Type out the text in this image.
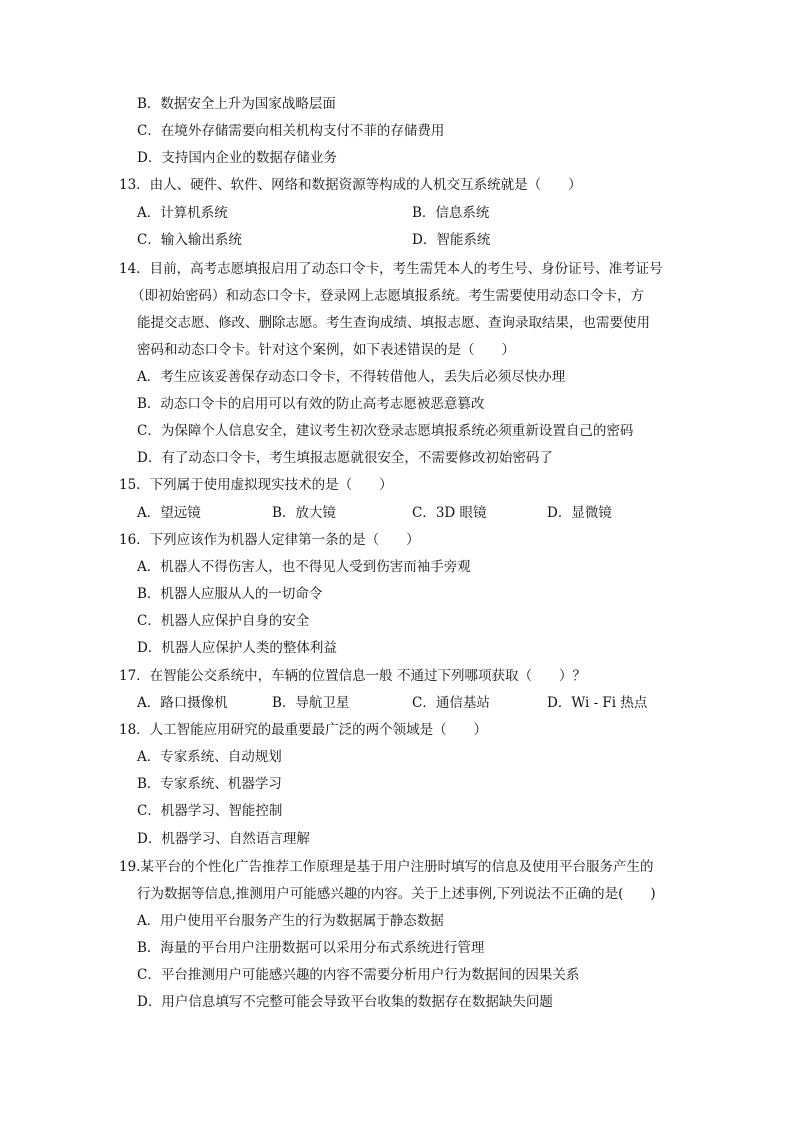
B．数据安全上升为国家战略层面
C．在境外存储需要向相关机构支付不菲的存储费用
D．支持国内企业的数据存储业务
13．由人、硬件、软件、网络和数据资源等构成的人机交互系统就是（　　）
A．计算机系统	B．信息系统
C．输入输出系统	D．智能系统
14．目前，高考志愿填报启用了动态口令卡，考生需凭本人的考生号、身份证号、准考证号
（即初始密码）和动态口令卡，登录网上志愿填报系统。考生需要使用动态口令卡，方
能提交志愿、修改、删除志愿。考生查询成绩、填报志愿、查询录取结果，也需要使用
密码和动态口令卡。针对这个案例，如下表述错误的是（　　）
A．考生应该妥善保存动态口令卡，不得转借他人，丢失后必须尽快办理
B．动态口令卡的启用可以有效的防止高考志愿被恶意篡改
C．为保障个人信息安全，建议考生初次登录志愿填报系统必须重新设置自己的密码
D．有了动态口令卡，考生填报志愿就很安全，不需要修改初始密码了
15．下列属于使用虚拟现实技术的是（　　）
A．望远镜	B．放大镜	C．3D 眼镜	D．显微镜
16．下列应该作为机器人定律第一条的是（　　）
A．机器人不得伤害人，也不得见人受到伤害而袖手旁观
B．机器人应服从人的一切命令
C．机器人应保护自身的安全
D．机器人应保护人类的整体利益
17．在智能公交系统中，车辆的位置信息一般 不通过下列哪项获取（　　）？
A．路口摄像机	B．导航卫星	C．通信基站	D．Wi - Fi 热点
18．人工智能应用研究的最重要最广泛的两个领域是（　　）
A．专家系统、自动规划
B．专家系统、机器学习
C．机器学习、智能控制
D．机器学习、自然语言理解
19.某平台的个性化广告推荐工作原理是基于用户注册时填写的信息及使用平台服务产生的
行为数据等信息,推测用户可能感兴趣的内容。关于上述事例,下列说法不正确的是(　　)
A．用户使用平台服务产生的行为数据属于静态数据
B．海量的平台用户注册数据可以采用分布式系统进行管理
C．平台推测用户可能感兴趣的内容不需要分析用户行为数据间的因果关系
D．用户信息填写不完整可能会导致平台收集的数据存在数据缺失问题
